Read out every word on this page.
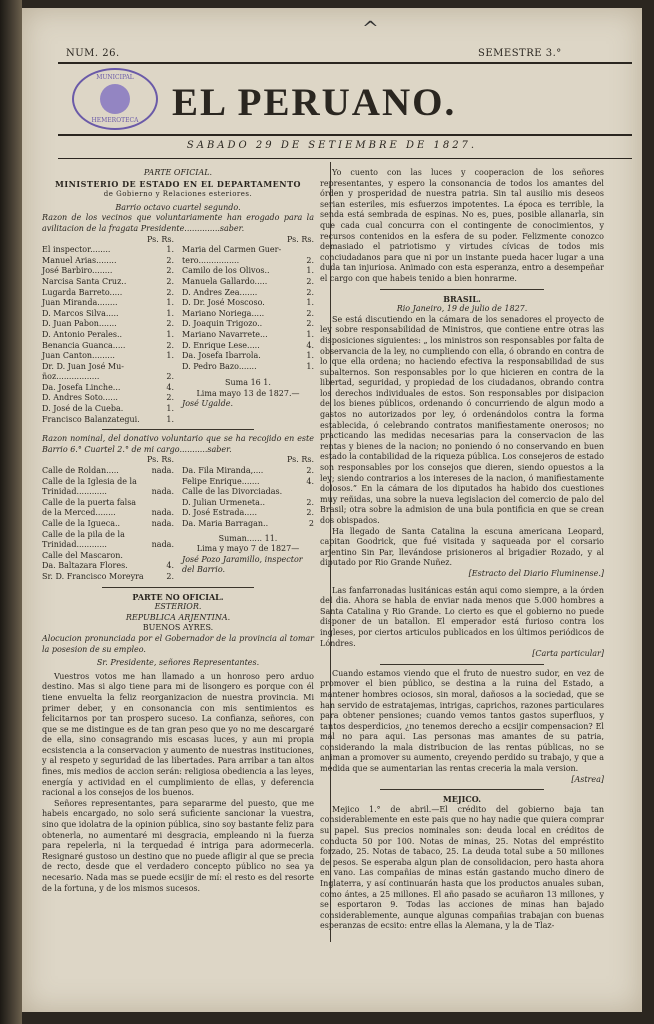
^
NUM. 26.	SEMESTRE 3.°
MUNICIPAL
HEMEROTECA EL PERUANO.
SABADO 29 DE SETIEMBRE DE 1827.
PARTE OFICIAL.
MINISTERIO DE ESTADO EN EL DEPARTAMENTO
de Gobierno y Relaciones esteriores.
Barrio octavo cuartel segundo.

Razon de los vecinos que voluntariamente han erogado para la avilitacion de la fragata Presidente..............saber.

Ps. Rs.
El inspector........	1.
Manuel Arias........	2.
José Barbiro........	2.
Narcisa Santa Cruz..	2.
Lugarda Barreto.....	2.
Juan Miranda........	1.
D. Marcos Silva.....	1.
D. Juan Pabon.......	2.
D. Antonio Perales..	1.
Benancia Guanca.....	2.
Juan Canton.........	1.
Dr. D. Juan José Mu-
ñoz.................	2.
Da. Josefa Linche...	4.
D. Andres Soto......	2.
D. José de la Cueba.	1.
Francisco Balanzategui.	1.
Ps. Rs.
Maria del Carmen Guer-
tero................	2.
Camilo de los Olivos..	1.
Manuela Gallardo.....	2.
D. Andres Zea.......	2.
D. Dr. José Moscoso.	1.
Mariano Noriega.....	2.
D. Joaquin Trigozo..	2.
Mariano Navarrete...	1.
D. Enrique Lese.....	4.
Da. Josefa Ibarrola.	1.
D. Pedro Bazo.......	1.
Suma 16 1.
Lima mayo 13 de 1827.—
José Ugalde.

Razon nominal, del donativo voluntario que se ha recojido en este Barrio 6.° Cuartel 2.° de mi cargo...........saber.

Ps. Rs.
Calle de Roldan.....	nada.
Calle de la Iglesia de la
Trinidad............	nada.
Calle de la puerta falsa
de la Merced........	nada.
Calle de la Igueca..	nada.
Calle de la pila de la
Trinidad............	nada.
Calle del Mascaron.
Da. Baltazara Flores.	4.
Sr. D. Francisco Moreyra	2.
Ps. Rs.
Da. Fila Miranda,....	2.
Felipe Enrique.......	4.
Calle de las Divorciadas.
D. Julian Urmeneta..	2.
D. José Estrada.....	2.
Da. Maria Barragan..	2
Suman...... 11.
Lima y mayo 7 de 1827—
José Pozo Jaramillo, inspector del Barrio.
PARTE NO OFICIAL.
ESTERIOR.
REPUBLICA ARJENTINA.
BUENOS AYRES.

Alocucion pronunciada por el Gobernador de la provincia al tomar la posesion de su empleo.

Sr. Presidente, señores Representantes.

Vuestros votos me han llamado a un honroso pero arduo destino. Mas si algo tiene para mi de lisongero es porque con él tiene envuelta la feliz reorganizacion de nuestra provincia. Mi primer deber, y en consonancia con mis sentimientos es felicitarnos por tan prospero suceso. La confianza, señores, con que se me distingue es de tan gran peso que yo no me descargaré de ella, sino consagrando mis escasas luces, y aun mi propia ecsistencia a la conservacion y aumento de nuestras instituciones, y al respeto y seguridad de las libertades. Para arribar a tan altos fines, mis medios de accion serán: religiosa obediencia a las leyes, energía y actividad en el cumplimiento de ellas, y deferencia racional a los consejos de los buenos.

Señores representantes, para separarme del puesto, que me habeis encargado, no solo será suficiente sancionar la vuestra, sino que idolatra de la opinion pública, sino soy bastante feliz para obtenerla, no aumentaré mi desgracia, empleando ni la fuerza para repelerla, ni la terquedad é intriga para adormecerla. Resignaré gustoso un destino que no puede afligir al que se precia de recto, desde que el verdadero concepto público no sea ya necesario. Nada mas se puede ecsijir de mí: el resto es del resorte de la fortuna, y de los mismos sucesos.

Yo cuento con las luces y cooperacion de los señores representantes, y espero la consonancia de todos los amantes del órden y prosperidad de nuestra patria. Sin tal ausilio mis deseos serian esteriles, mis esfuerzos impotentes. La época es terrible, la senda está sembrada de espinas. No es, pues, posible allanarla, sin que cada cual concurra con el contingente de conocimientos, y recursos contenidos en la esfera de su poder. Felizmente conozco demasiado el patriotismo y virtudes cívicas de todos mis conciudadanos para que ni por un instante pueda hacer lugar a una duda tan injuriosa. Animado con esta esperanza, entro a desempeñar el cargo con que habeis tenido a bien honrarme.

BRASIL.
Rio Janeiro, 19 de julio de 1827.

Se está discutiendo en la cámara de los senadores el proyecto de ley sobre responsabilidad de Ministros, que contiene entre otras las disposiciones siguientes: „ los ministros son responsables por falta de observancia de la ley, no cumpliendo con ella, ó obrando en contra de lo que ella ordena; no haciendo efectiva la responsabilidad de sus subalternos. Son responsables por lo que hicieren en contra de la libertad, seguridad, y propiedad de los ciudadanos, obrando contra los derechos individuales de estos. Son responsables por disipacion de los bienes públicos, ordenando ó concurriendo de algun modo a gastos no autorizados por ley, ó ordenándolos contra la forma establecida, ó celebrando contratos manifiestamente onerosos; no practicando las medidas necesarias para la conservacion de las rentas y bienes de la nacion; no poniendo ó no conservando en buen estado la contabilidad de la riqueza pública. Los consejeros de estado son responsables por los consejos que dieren, siendo opuestos a la ley; siendo contrarios a los intereses de la nacion, ó manifiestamente dolosos.” En la cámara de los diputados ha habido dos cuestiones muy reñidas, una sobre la nueva legislacion del comercio de palo del Brasil; otra sobre la admision de una bula pontificia en que se crean dos obispados.

Ha llegado de Santa Catalina la escuna americana Leopard, capitan Goodrick, que fué visitada y saqueada por el corsario arjentino Sin Par, llevándose prisioneros al brigadier Rozado, y al diputado por Rio Grande Nuñez.

[Estracto del Diario Fluminense.]

Las fanfarronadas lusitánicas están aqui como siempre, a la órden del dia. Ahora se habla de enviar nada menos que 5.000 hombres a Santa Catalina y Rio Grande. Lo cierto es que el gobierno no puede disponer de un batallon. El emperador está furioso contra los ingleses, por ciertos articulos publicados en los últimos periódicos de Lóndres.

[Carta particular]

Cuando estamos viendo que el fruto de nuestro sudor, en vez de promover el bien público, se destina a la ruina del Estado, a mantener hombres ociosos, sin moral, dañosos a la sociedad, que se han servido de estratajemas, intrigas, caprichos, razones particulares para obtener pensiones; cuando vemos tantos gastos superfluos, y tantos desperdicios, ¿no tenemos derecho a ecsijir compensacion? El mal no para aqui. Las personas mas amantes de su patria, considerando la mala distribucion de las rentas públicas, no se animan a promover su aumento, creyendo perdido su trabajo, y que a medida que se aumentarian las rentas creceria la mala version.

[Astrea]
MEJICO.

Mejico 1.° de abril.—El crédito del gobierno baja tan considerablemente en este pais que no hay nadie que quiera comprar su papel. Sus precios nominales son: deuda local en créditos de conducta 50 por 100. Notas de minas, 25. Notas del empréstito forzado, 25. Notas de tabaco, 25. La deuda total sube a 50 millones de pesos. Se esperaba algun plan de consolidacion, pero hasta ahora en vano. Las compañias de minas están gastando mucho dinero de Inglaterra, y así continuarán hasta que los productos anuales suban, como ántes, a 25 millones. El año pasado se acuñaron 13 millones, y se esportaron 9. Todas las acciones de minas han bajado considerablemente, aunque algunas compañias trabajan con buenas esperanzas de ecsito: entre ellas la Alemana, y la de Tlaz-
